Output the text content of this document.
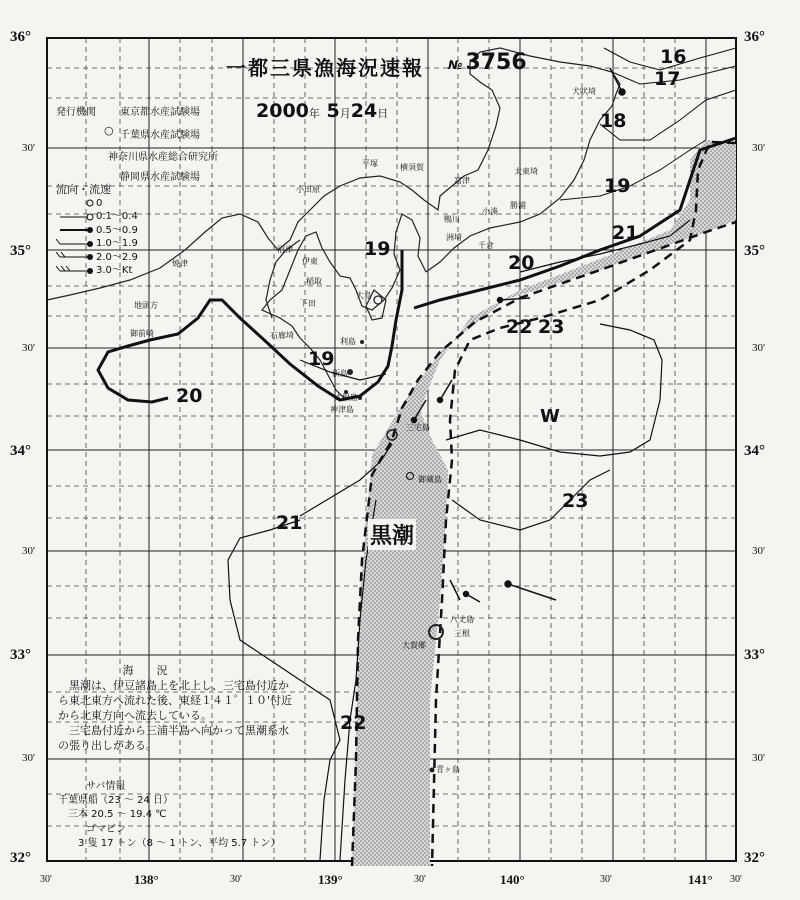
36°
30'
35°
30'
34°
30'
33°
30'
32°
36°
30'
35°
30'
34°
30'
33°
30'
32°
30'	138°	30'	139°	30'	140°	30'	141° 30'
一都三県漁海況速報 № 3756
発行機関 東京都水産試験場
千葉県水産試験場
○
神奈川県水産総合研究所
静岡県水産試験場
2000年 5月24日
流向・流速
0
0.1～0.4
0.5～0.9
1.0～1.9
2.0～2.9
3.0～Kt
16
17
18
19
21
20
19
22 23
19
20
21
23
22
黒潮
W
犬吠埼
平塚	横須賀
富津
太東埼
小田原
勝浦
洲埼
小湊
千倉
鴨川
沼津
伊東
稲取
下田
焼津
御前崎
地頭方
石廊埼
大島
利島
新島
式根島
神津島
三宅島
御蔵島
八丈島
三根
大賀郷
青ヶ島
海　況

黒潮は、伊豆諸島上を北上し、三宅島付近から東北東方へ流れた後、東経１４１゜１０'付近から北東方向へ流去している。

三宅島付近から三浦半島へ向かって黒潮系水の張り出しがある。

サバ情報
千葉県船（23 ～ 24 日）
三本 20.5 ～ 19.4 ℃
ゴマピン
3 隻 17 トン（8 ～ 1 トン、平均 5.7 トン）
